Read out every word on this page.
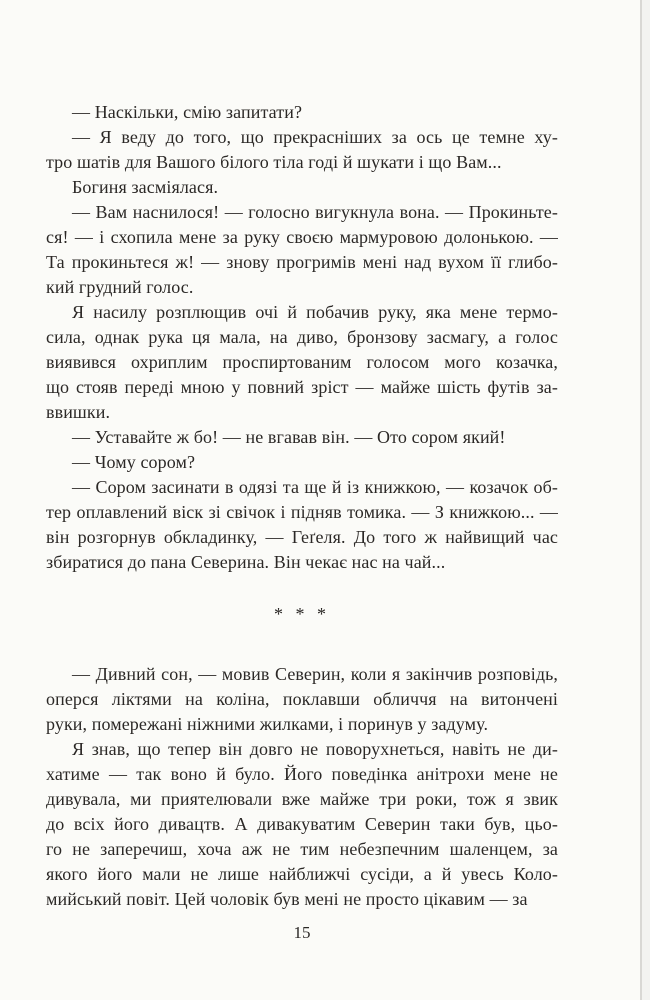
— Наскільки, смію запитати?
— Я веду до того, що прекрасніших за ось це темне ху-
тро шатів для Вашого білого тіла годі й шукати і що Вам...
Богиня засміялася.
— Вам наснилося! — голосно вигукнула вона. — Прокиньте-
ся! — і схопила мене за руку своєю мармуровою долонькою. —
Та прокиньтеся ж! — знову прогримів мені над вухом її глибо-
кий грудний голос.
Я насилу розплющив очі й побачив руку, яка мене термо-
сила, однак рука ця мала, на диво, бронзову засмагу, а голос
виявився охриплим проспиртованим голосом мого козачка,
що стояв переді мною у повний зріст — майже шість футів за-
ввишки.
— Уставайте ж бо! — не вгавав він. — Ото сором який!
— Чому сором?
— Сором засинати в одязі та ще й із книжкою, — козачок об-
тер оплавлений віск зі свічок і підняв томика. — З книжкою... —
він розгорнув обкладинку, — Геґеля. До того ж найвищий час
збиратися до пана Северина. Він чекає нас на чай...
* * *
— Дивний сон, — мовив Северин, коли я закінчив розповідь,
оперся ліктями на коліна, поклавши обличчя на витончені
руки, помережані ніжними жилками, і поринув у задуму.
Я знав, що тепер він довго не поворухнеться, навіть не ди-
хатиме — так воно й було. Його поведінка анітрохи мене не
дивувала, ми приятелювали вже майже три роки, тож я звик
до всіх його дивацтв. А дивакуватим Северин таки був, цьо-
го не заперечиш, хоча аж не тим небезпечним шаленцем, за
якого його мали не лише найближчі сусіди, а й увесь Коло-
мийський повіт. Цей чоловік був мені не просто цікавим — за
15
